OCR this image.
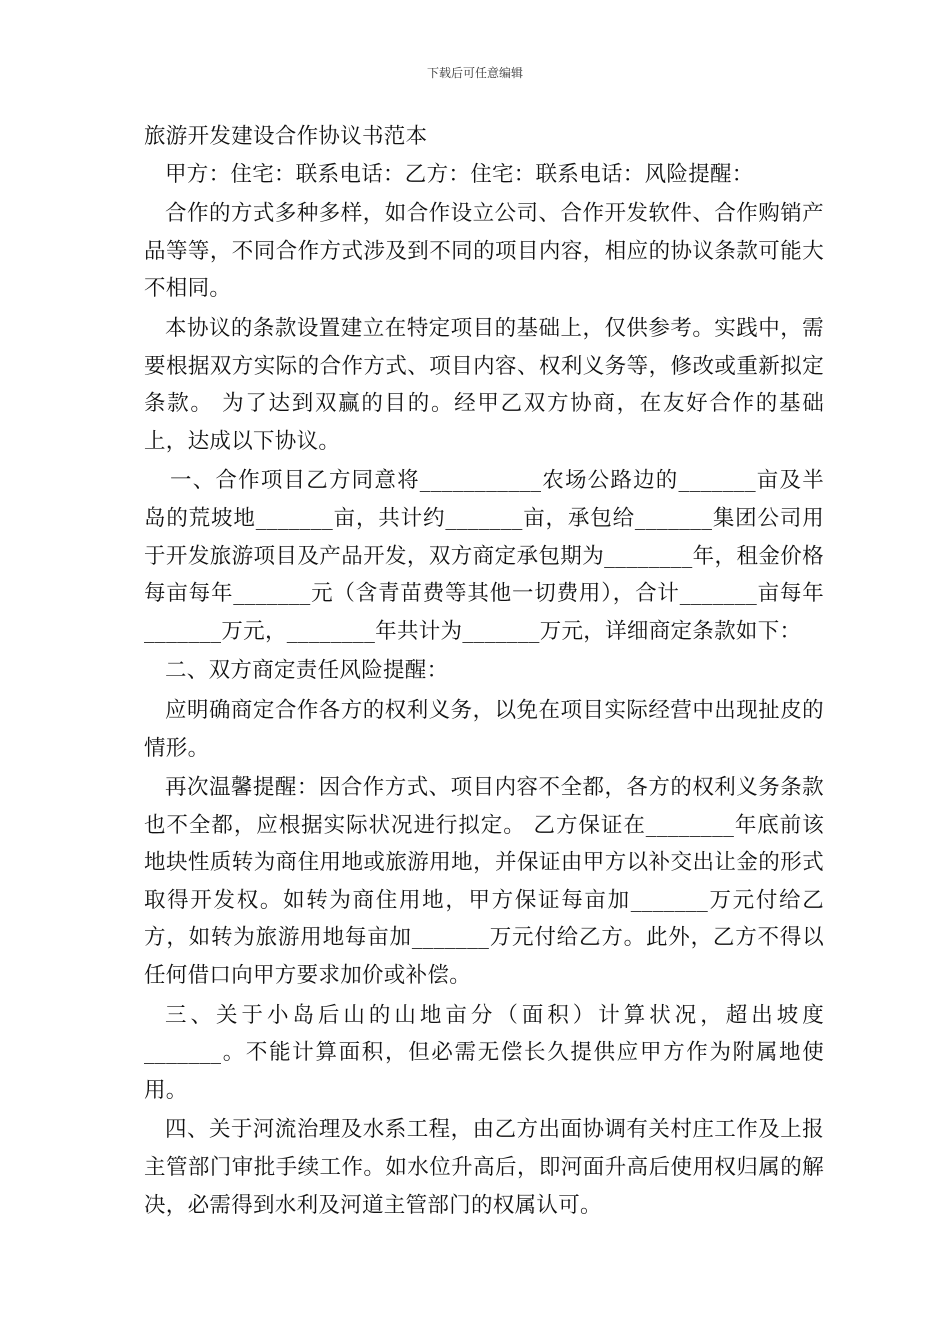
下载后可任意编辑

旅游开发建设合作协议书范本

甲方：住宅：联系电话：乙方：住宅：联系电话：风险提醒：

合作的方式多种多样，如合作设立公司、合作开发软件、合作购销产品等等，不同合作方式涉及到不同的项目内容，相应的协议条款可能大不相同。

本协议的条款设置建立在特定项目的基础上，仅供参考。实践中，需要根据双方实际的合作方式、项目内容、权利义务等，修改或重新拟定条款。 为了达到双赢的目的。经甲乙双方协商，在友好合作的基础上，达成以下协议。

一、合作项目乙方同意将___________农场公路边的_______亩及半岛的荒坡地_______亩，共计约_______亩，承包给_______集团公司用于开发旅游项目及产品开发，双方商定承包期为________年，租金价格每亩每年_______元（含青苗费等其他一切费用），合计_______亩每年_______万元，________年共计为_______万元，详细商定条款如下：

二、双方商定责任风险提醒：

应明确商定合作各方的权利义务，以免在项目实际经营中出现扯皮的情形。

再次温馨提醒：因合作方式、项目内容不全都，各方的权利义务条款也不全都，应根据实际状况进行拟定。 乙方保证在________年底前该地块性质转为商住用地或旅游用地，并保证由甲方以补交出让金的形式取得开发权。如转为商住用地，甲方保证每亩加_______万元付给乙方，如转为旅游用地每亩加_______万元付给乙方。此外，乙方不得以任何借口向甲方要求加价或补偿。

三、关于小岛后山的山地亩分（面积）计算状况，超出坡度_______。不能计算面积，但必需无偿长久提供应甲方作为附属地使用。

四、关于河流治理及水系工程，由乙方出面协调有关村庄工作及上报主管部门审批手续工作。如水位升高后，即河面升高后使用权归属的解决，必需得到水利及河道主管部门的权属认可。
